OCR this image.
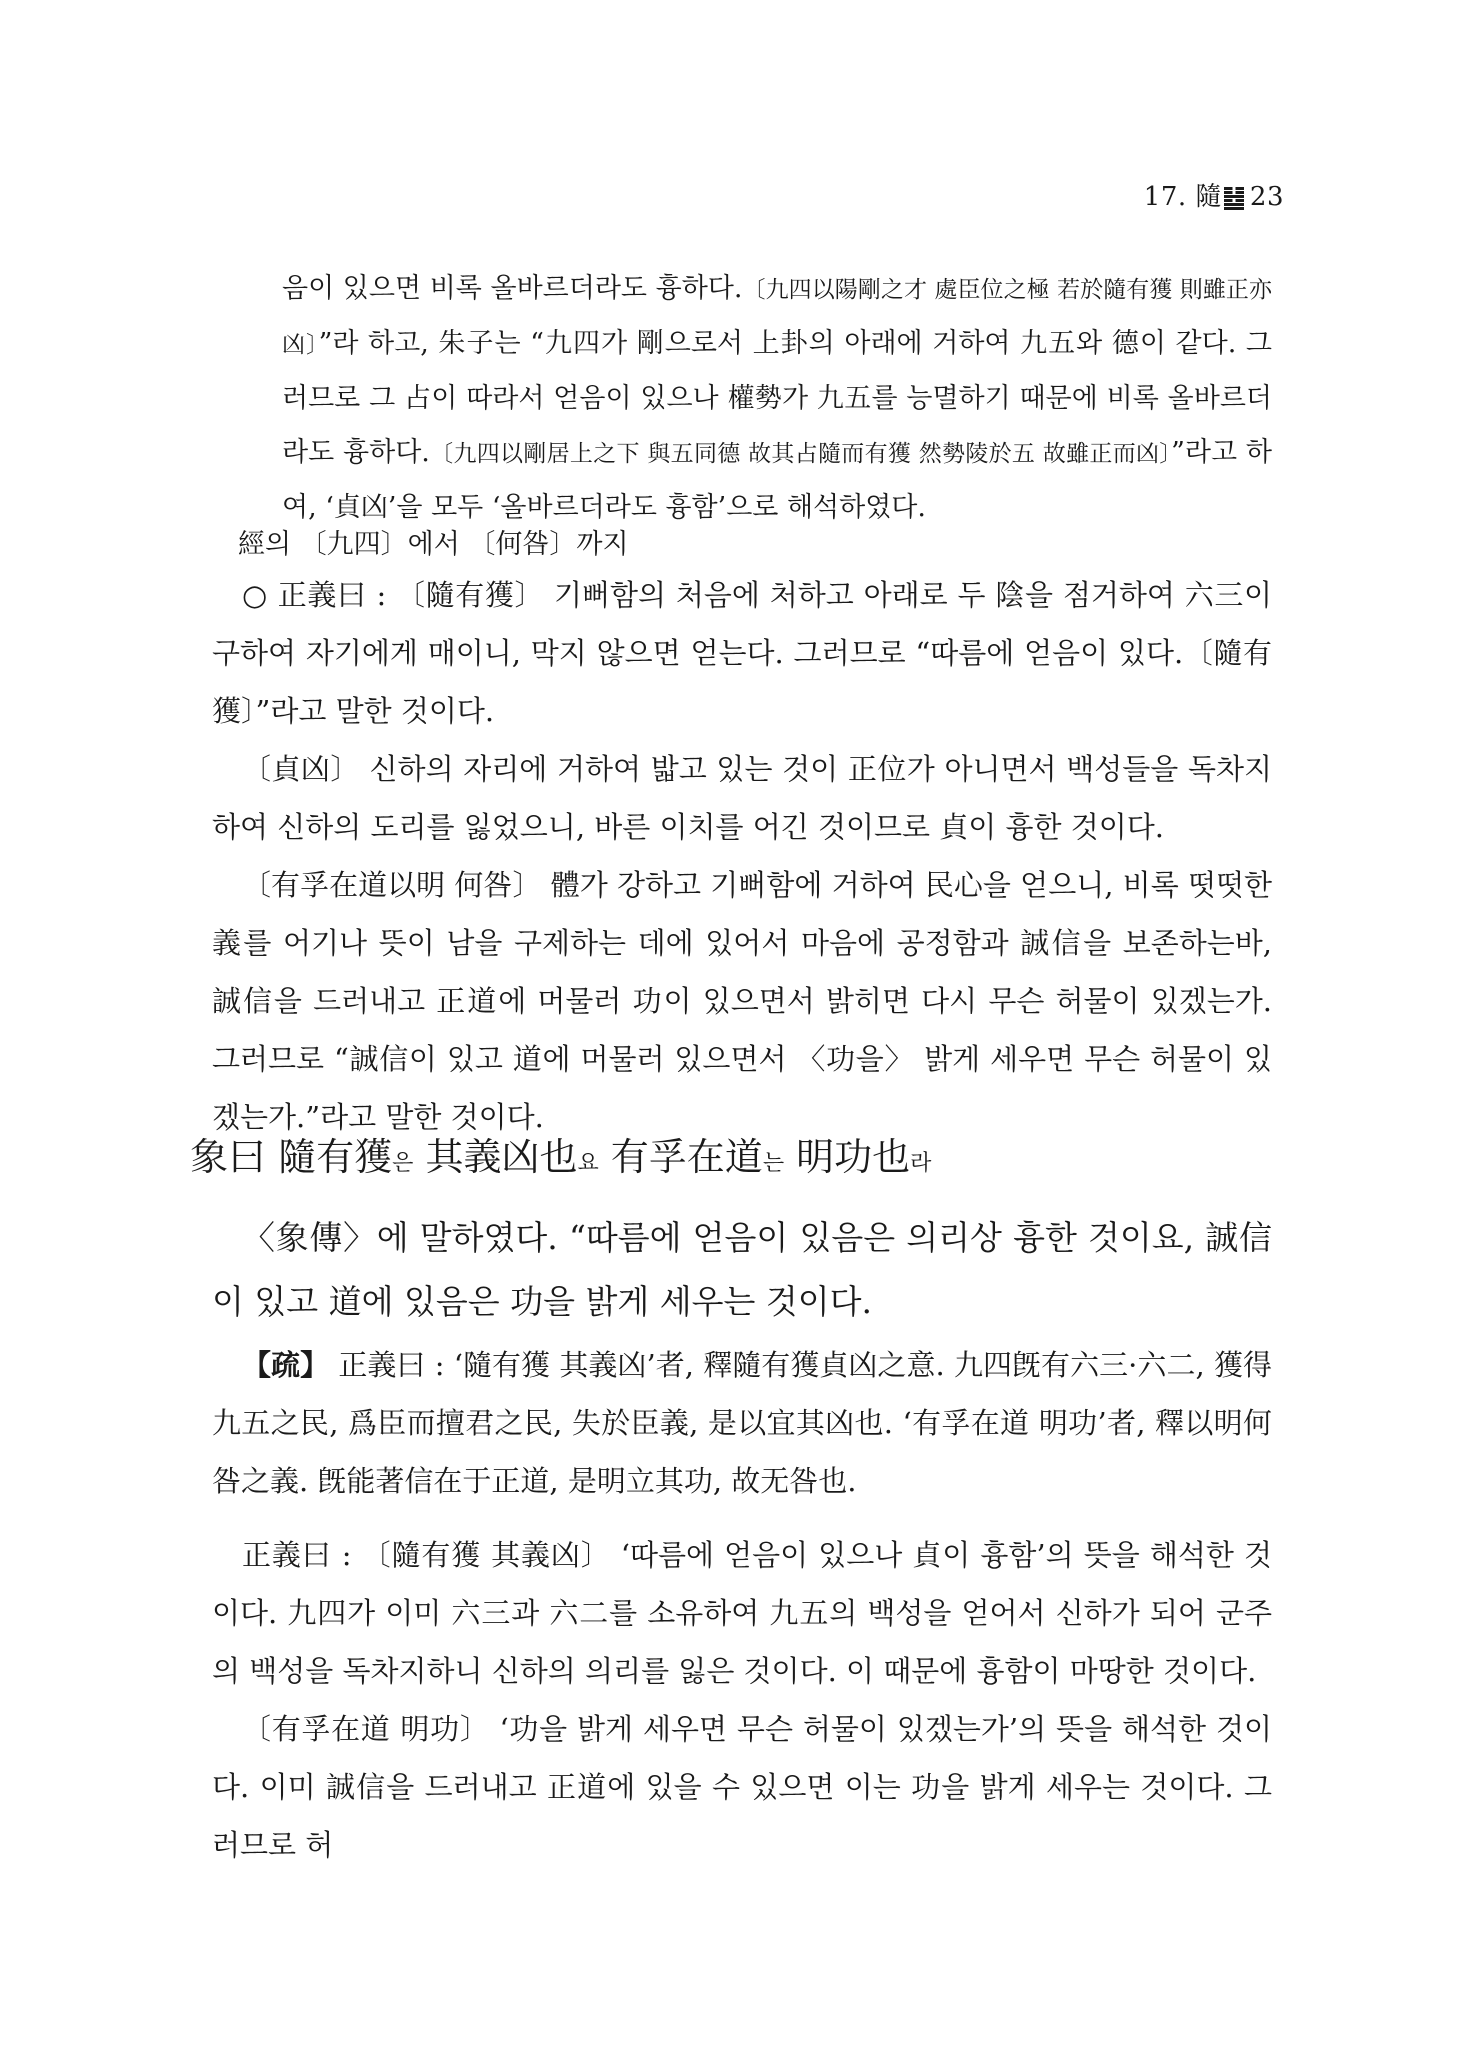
17. 隨 23
음이 있으면 비록 올바르더라도 흉하다.〔九四以陽剛之才 處臣位之極 若於隨有獲 則雖正亦凶〕”라 하고, 朱子는 “九四가 剛으로서 上卦의 아래에 거하여 九五와 德이 같다. 그러므로 그 占이 따라서 얻음이 있으나 權勢가 九五를 능멸하기 때문에 비록 올바르더라도 흉하다.〔九四以剛居上之下 與五同德 故其占隨而有獲 然勢陵於五 故雖正而凶〕”라고 하여, ‘貞凶’을 모두 ‘올바르더라도 흉함’으로 해석하였다.
經의 〔九四〕에서 〔何咎〕까지

○ 正義曰 : 〔隨有獲〕 기뻐함의 처음에 처하고 아래로 두 陰을 점거하여 六三이 구하여 자기에게 매이니, 막지 않으면 얻는다. 그러므로 “따름에 얻음이 있다.〔隨有獲〕”라고 말한 것이다.

〔貞凶〕 신하의 자리에 거하여 밟고 있는 것이 正位가 아니면서 백성들을 독차지하여 신하의 도리를 잃었으니, 바른 이치를 어긴 것이므로 貞이 흉한 것이다.

〔有孚在道以明 何咎〕 體가 강하고 기뻐함에 거하여 民心을 얻으니, 비록 떳떳한 義를 어기나 뜻이 남을 구제하는 데에 있어서 마음에 공정함과 誠信을 보존하는바, 誠信을 드러내고 正道에 머물러 功이 있으면서 밝히면 다시 무슨 허물이 있겠는가. 그러므로 “誠信이 있고 道에 머물러 있으면서 〈功을〉 밝게 세우면 무슨 허물이 있겠는가.”라고 말한 것이다.

象曰 隨有獲은 其義凶也요 有孚在道는 明功也라

〈象傳〉에 말하였다. “따름에 얻음이 있음은 의리상 흉한 것이요, 誠信이 있고 道에 있음은 功을 밝게 세우는 것이다.

【疏】 正義曰 : ‘隨有獲 其義凶’者, 釋隨有獲貞凶之意. 九四旣有六三·六二, 獲得九五之民, 爲臣而擅君之民, 失於臣義, 是以宜其凶也. ‘有孚在道 明功’者, 釋以明何咎之義. 旣能著信在于正道, 是明立其功, 故无咎也.

正義曰 : 〔隨有獲 其義凶〕 ‘따름에 얻음이 있으나 貞이 흉함’의 뜻을 해석한 것이다. 九四가 이미 六三과 六二를 소유하여 九五의 백성을 얻어서 신하가 되어 군주의 백성을 독차지하니 신하의 의리를 잃은 것이다. 이 때문에 흉함이 마땅한 것이다.

〔有孚在道 明功〕 ‘功을 밝게 세우면 무슨 허물이 있겠는가’의 뜻을 해석한 것이다. 이미 誠信을 드러내고 正道에 있을 수 있으면 이는 功을 밝게 세우는 것이다. 그러므로 허
